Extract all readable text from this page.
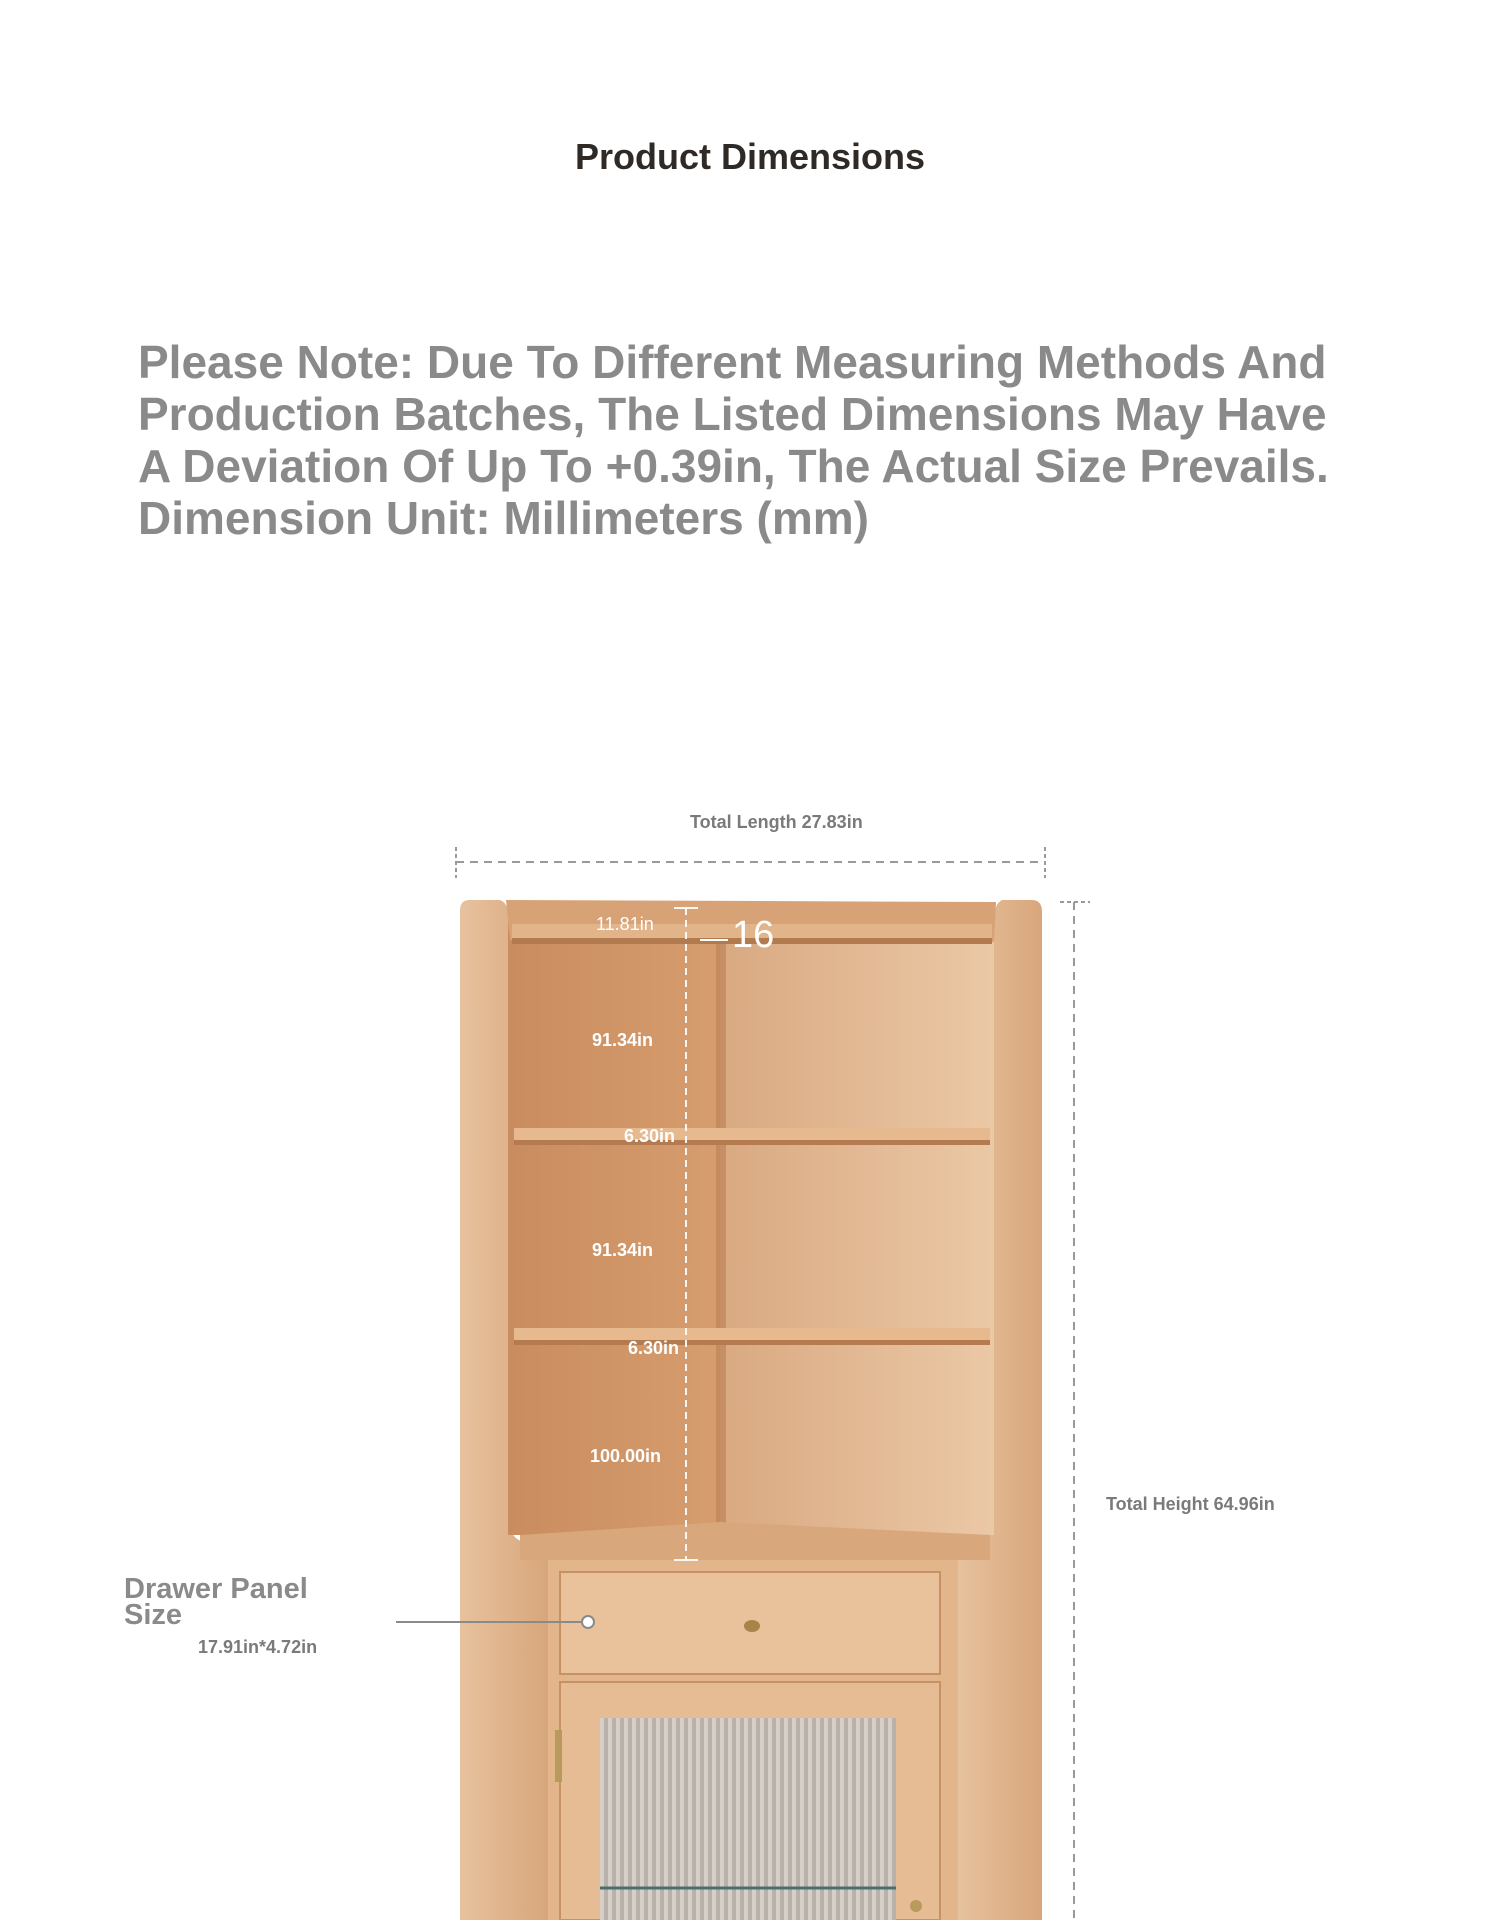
Product Dimensions
Please Note: Due To Different Measuring Methods And
Production Batches, The Listed Dimensions May Have
A Deviation Of Up To +0.39in, The Actual Size Prevails.
Dimension Unit: Millimeters (mm)
Total Length 27.83in
Total Height 64.96in
11.81in 16
91.34in
6.30in
91.34in
6.30in
100.00in
Drawer Panel
Size
17.91in*4.72in
